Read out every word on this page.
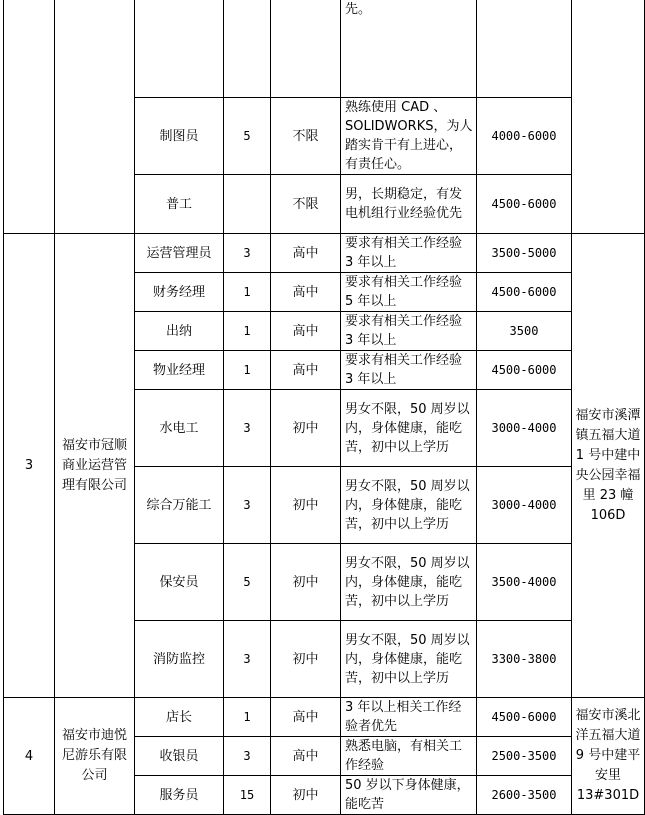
					先。		
		制图员	5	不限	熟练使用 CAD 、SOLIDWORKS，为人踏实肯干有上进心，有责任心。	4000-6000	
		普工		不限	男，长期稳定，有发电机组行业经验优先	4500-6000	
3	福安市冠顺商业运营管理有限公司	运营管理员	3	高中	要求有相关工作经验 3 年以上	3500-5000	福安市溪潭镇五福大道 1 号中建中央公园幸福里 23 幢 106D
		财务经理	1	高中	要求有相关工作经验 5 年以上	4500-6000	
		出纳	1	高中	要求有相关工作经验 3 年以上	3500	
		物业经理	1	高中	要求有相关工作经验 3 年以上	4500-6000	
		水电工	3	初中	男女不限，50 周岁以内，身体健康，能吃苦，初中以上学历	3000-4000	
		综合万能工	3	初中	男女不限，50 周岁以内，身体健康，能吃苦，初中以上学历	3000-4000	
		保安员	5	初中	男女不限，50 周岁以内，身体健康，能吃苦，初中以上学历	3500-4000	
		消防监控	3	初中	男女不限，50 周岁以内，身体健康，能吃苦，初中以上学历	3300-3800	
4	福安市迪悦尼游乐有限公司	店长	1	高中	3 年以上相关工作经验者优先	4500-6000	福安市溪北洋五福大道 9 号中建平安里 13#301D
		收银员	3	高中	熟悉电脑，有相关工作经验	2500-3500	
		服务员	15	初中	50 岁以下身体健康，能吃苦	2600-3500	
